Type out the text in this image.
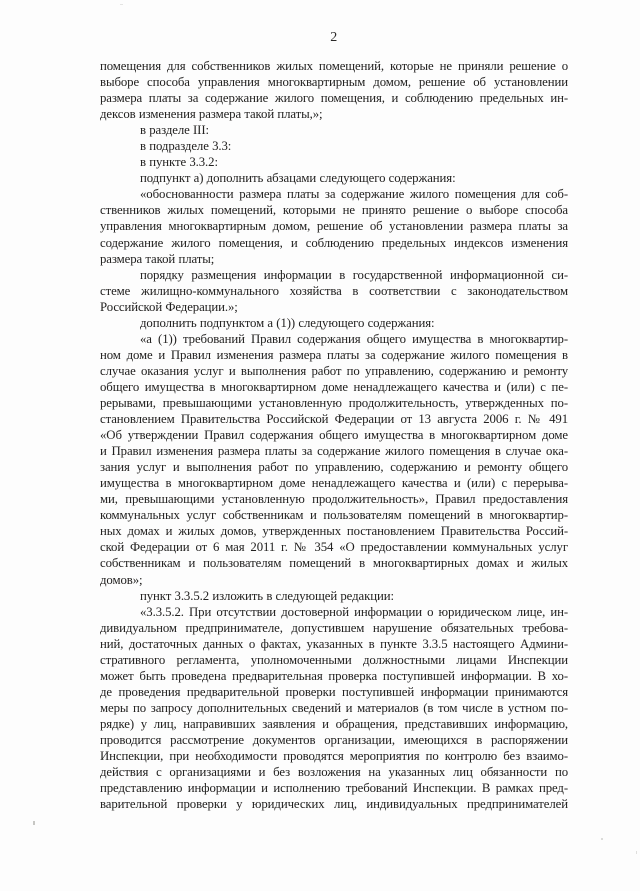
2
помещения для собственников жилых помещений, которые не приняли решение о
выборе способа управления многоквартирным домом, решение об установлении
размера платы за содержание жилого помещения, и соблюдению предельных ин-
дексов изменения размера такой платы,»;
в разделе III:
в подразделе 3.3:
в пункте 3.3.2:
подпункт а) дополнить абзацами следующего содержания:
«обоснованности размера платы за содержание жилого помещения для соб-
ственников жилых помещений, которыми не принято решение о выборе способа
управления многоквартирным домом, решение об установлении размера платы за
содержание жилого помещения, и соблюдению предельных индексов изменения
размера такой платы;
порядку размещения информации в государственной информационной си-
стеме жилищно-коммунального хозяйства в соответствии с законодательством
Российской Федерации.»;
дополнить подпунктом а (1)) следующего содержания:
«а (1)) требований Правил содержания общего имущества в многоквартир-
ном доме и Правил изменения размера платы за содержание жилого помещения в
случае оказания услуг и выполнения работ по управлению, содержанию и ремонту
общего имущества в многоквартирном доме ненадлежащего качества и (или) с пе-
рерывами, превышающими установленную продолжительность, утвержденных по-
становлением Правительства Российской Федерации от 13 августа 2006 г. № 491
«Об утверждении Правил содержания общего имущества в многоквартирном доме
и Правил изменения размера платы за содержание жилого помещения в случае ока-
зания услуг и выполнения работ по управлению, содержанию и ремонту общего
имущества в многоквартирном доме ненадлежащего качества и (или) с перерыва-
ми, превышающими установленную продолжительность», Правил предоставления
коммунальных услуг собственникам и пользователям помещений в многоквартир-
ных домах и жилых домов, утвержденных постановлением Правительства Россий-
ской Федерации от 6 мая 2011 г. № 354 «О предоставлении коммунальных услуг
собственникам и пользователям помещений в многоквартирных домах и жилых
домов»;
пункт 3.3.5.2 изложить в следующей редакции:
«3.3.5.2. При отсутствии достоверной информации о юридическом лице, ин-
дивидуальном предпринимателе, допустившем нарушение обязательных требова-
ний, достаточных данных о фактах, указанных в пункте 3.3.5 настоящего Админи-
стративного регламента, уполномоченными должностными лицами Инспекции
может быть проведена предварительная проверка поступившей информации. В хо-
де проведения предварительной проверки поступившей информации принимаются
меры по запросу дополнительных сведений и материалов (в том числе в устном по-
рядке) у лиц, направивших заявления и обращения, представивших информацию,
проводится рассмотрение документов организации, имеющихся в распоряжении
Инспекции, при необходимости проводятся мероприятия по контролю без взаимо-
действия с организациями и без возложения на указанных лиц обязанности по
представлению информации и исполнению требований Инспекции. В рамках пред-
варительной проверки у юридических лиц, индивидуальных предпринимателей
